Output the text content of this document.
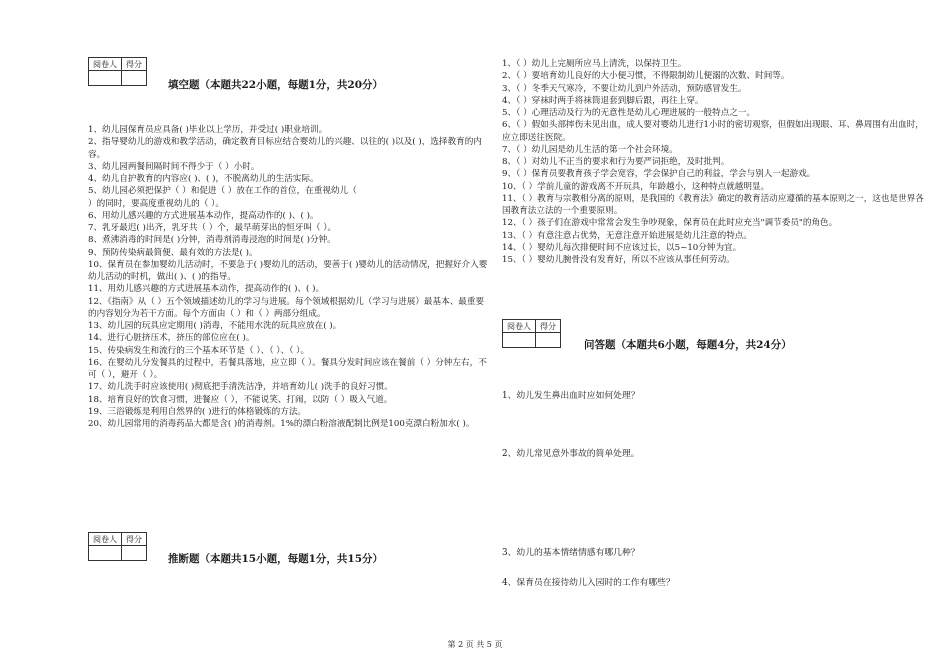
阅卷人	得分

填空题（本题共22小题，每题1分，共20分）
1、幼儿园保育员应具备( )毕业以上学历，并受过( )职业培训。
2、指导婴幼儿的游戏和教学活动，确定教育目标应结合婴幼儿的兴趣、以往的( )以及( )，选择教育的内容。
3、幼儿园两餐间隔时间不得少于（ ）小时。
4、幼儿自护教育的内容应( )、( )，不脱离幼儿的生活实际。
5、幼儿园必须把保护（ ）和促进（ ）放在工作的首位，在重视幼儿（
）的同时，要高度重视幼儿的（ ）。
6、用幼儿感兴趣的方式进展基本动作，提高动作的( )、( )。
7、乳牙最迟( )出齐，乳牙共（ ）个，最早萌芽出的恒牙叫（ ）。
8、煮沸消毒的时间是( )分钟，消毒剂消毒浸泡的时间是( )分钟。
9、预防传染病最简便、最有效的方法是( )。
10、保育员在参加婴幼儿活动时，不要急于( )婴幼儿的活动，要善于( )婴幼儿的活动情况，把握好介入婴幼儿活动的时机，做出( )、( )的指导。
11、用幼儿感兴趣的方式进展基本动作，提高动作的( )、( )。
12、《指南》从（ ）五个领域描述幼儿的学习与进展。每个领域根据幼儿（学习与进展）最基本、最重要的内容划分为若干方面。每个方面由（ ）和（ ）两部分组成。
13、幼儿园的玩具应定期用( )消毒，不能用水洗的玩具应放在( )。
14、进行心脏挤压术，挤压的部位应在( )。
15、传染病发生和流行的三个基本环节是（ ）、（ ）、（ ）。
16、在婴幼儿分发餐具的过程中，若餐具落地，应立即（ ）。餐具分发时间应该在餐前（ ）分钟左右，不可（ ），避开（ ）。
17、幼儿洗手时应该使用( )彻底把手清洗洁净，并培育幼儿( )洗手的良好习惯。
18、培育良好的饮食习惯，进餐应（ ），不能说笑、打闹，以防（ ）吸入气道。
19、三浴锻炼是利用自然界的( )进行的体格锻炼的方法。
20、幼儿园常用的消毒药品大都是含( )的消毒剂。1%的漂白粉溶液配制比例是100克漂白粉加水( )。
阅卷人	得分

推断题（本题共15小题，每题1分，共15分）
1、（ ）幼儿上完厕所应马上清洗，以保持卫生。
2、（ ）要培育幼儿良好的大小便习惯，不得限制幼儿便溺的次数、时间等。
3、（ ）冬季天气寒冷，不要让幼儿到户外活动，预防感冒发生。
4、（ ）穿袜时两手将袜筒退套到脚后跟，再往上穿。
5、（ ）心理活动及行为的无意性是幼儿心理进展的一般特点之一。
6、（ ）假如头部摔伤未见出血，成人要对婴幼儿进行1小时的密切观察，但假如出现眼、耳、鼻周围有出血时，应立即送往医院。
7、（ ）幼儿园是幼儿生活的第一个社会环境。
8、（ ）对幼儿不正当的要求和行为要严词拒绝，及时批判。
9、（ ）保育员要教育孩子学会宽容，学会保护自己的利益，学会与别人一起游戏。
10、（ ）学前儿童的游戏离不开玩具，年龄越小，这种特点就越明显。
11、（ ）教育与宗教相分离的原则，是我国的《教育法》确定的教育活动应遵循的基本原则之一，这也是世界各国教育法立法的一个重要原则。
12、（ ）孩子们在游戏中常常会发生争吵现象，保育员在此时应充当"调节委员"的角色。
13、（ ）有意注意占优势，无意注意开始进展是幼儿注意的特点。
14、（ ）婴幼儿每次排便时间不应该过长，以5~10分钟为宜。
15、（ ）婴幼儿腕骨没有发育好，所以不应该从事任何劳动。
阅卷人	得分

问答题（本题共6小题，每题4分，共24分）
1、幼儿发生鼻出血时应如何处理？
2、幼儿常见意外事故的简单处理。
3、幼儿的基本情绪情感有哪几种？
4、保育员在接待幼儿入园时的工作有哪些？
第 2 页 共 5 页
